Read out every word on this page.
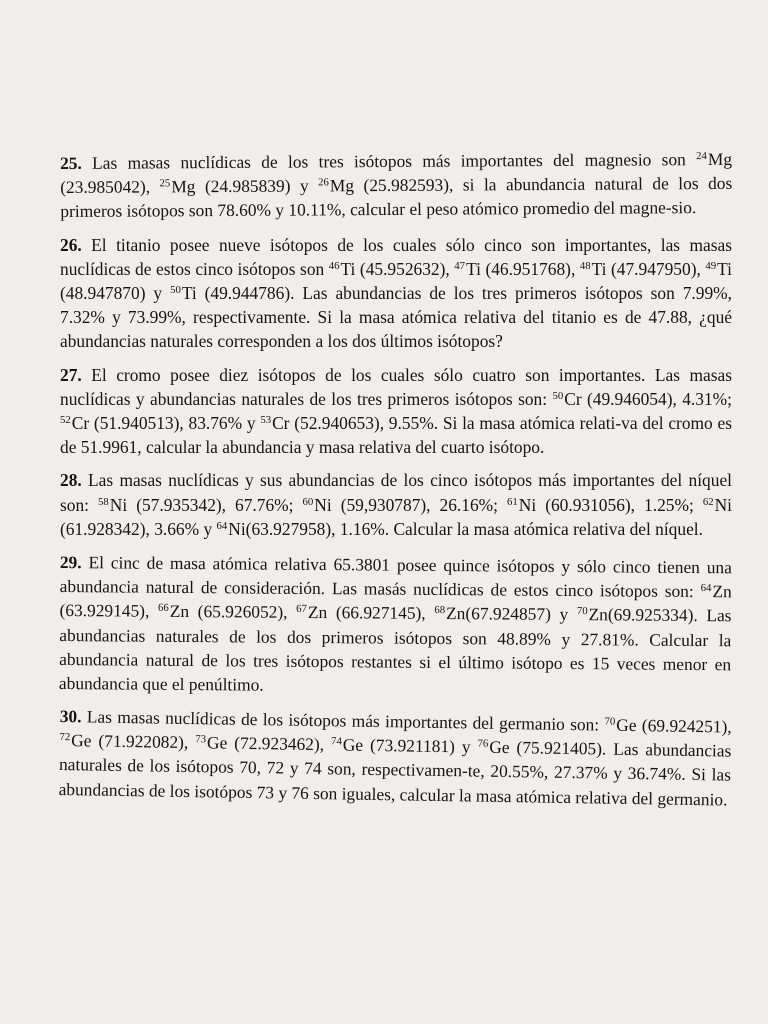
25. Las masas nuclídicas de los tres isótopos más importantes del magnesio son $^{24}$Mg (23.985042), $^{25}$Mg (24.985839) y $^{26}$Mg (25.982593), si la abundancia natural de los dos primeros isótopos son 78.60% y 10.11%, calcular el peso atómico promedio del magne-sio.
26. El titanio posee nueve isótopos de los cuales sólo cinco son importantes, las masas nuclídicas de estos cinco isótopos son $^{46}$Ti (45.952632), $^{47}$Ti (46.951768), $^{48}$Ti (47.947950), $^{49}$Ti (48.947870) y $^{50}$Ti (49.944786). Las abundancias de los tres primeros isótopos son 7.99%, 7.32% y 73.99%, respectivamente. Si la masa atómica relativa del titanio es de 47.88, ¿qué abundancias naturales corresponden a los dos últimos isótopos?
27. El cromo posee diez isótopos de los cuales sólo cuatro son importantes. Las masas nuclídicas y abundancias naturales de los tres primeros isótopos son: $^{50}$Cr (49.946054), 4.31%; $^{52}$Cr (51.940513), 83.76% y $^{53}$Cr (52.940653), 9.55%. Si la masa atómica relati-va del cromo es de 51.9961, calcular la abundancia y masa relativa del cuarto isótopo.
28. Las masas nuclídicas y sus abundancias de los cinco isótopos más importantes del níquel son: $^{58}$Ni (57.935342), 67.76%; $^{60}$Ni (59,930787), 26.16%; $^{61}$Ni (60.931056), 1.25%; $^{62}$Ni (61.928342), 3.66% y $^{64}$Ni(63.927958), 1.16%. Calcular la masa atómica relativa del níquel.
29. El cinc de masa atómica relativa 65.3801 posee quince isótopos y sólo cinco tienen una abundancia natural de consideración. Las masás nuclídicas de estos cinco isótopos son: $^{64}$Zn (63.929145), $^{66}$Zn (65.926052), $^{67}$Zn (66.927145), $^{68}$Zn(67.924857) y $^{70}$Zn(69.925334). Las abundancias naturales de los dos primeros isótopos son 48.89% y 27.81%. Calcular la abundancia natural de los tres isótopos restantes si el último isótopo es 15 veces menor en abundancia que el penúltimo.
30. Las masas nuclídicas de los isótopos más importantes del germanio son: $^{70}$Ge (69.924251), $^{72}$Ge (71.922082), $^{73}$Ge (72.923462), $^{74}$Ge (73.921181) y $^{76}$Ge (75.921405). Las abundancias naturales de los isótopos 70, 72 y 74 son, respectivamen-te, 20.55%, 27.37% y 36.74%. Si las abundancias de los isotópos 73 y 76 son iguales, calcular la masa atómica relativa del germanio.
